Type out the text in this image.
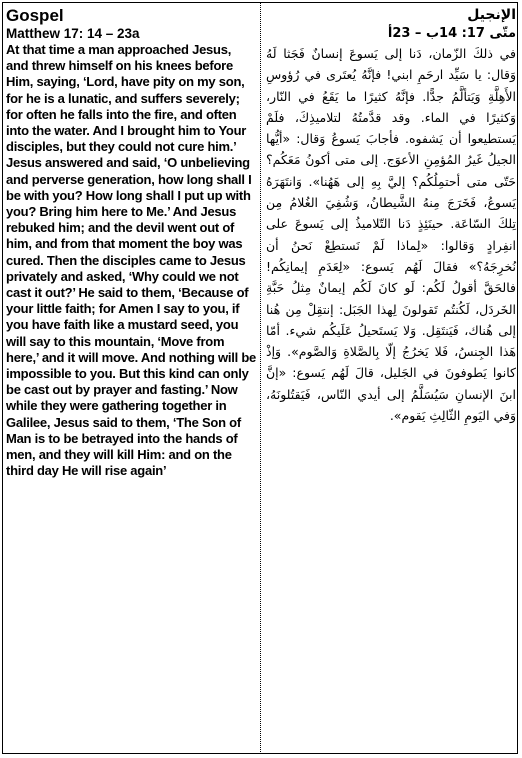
Gospel
Matthew 17: 14 – 23a
At that time a man approached Jesus, and threw himself on his knees before Him, saying, ‘Lord, have pity on my son, for he is a lunatic, and suffers severely; for often he falls into the fire, and often into the water. And I brought him to Your disciples, but they could not cure him.’ Jesus answered and said, ‘O unbelieving and perverse generation, how long shall I be with you? How long shall I put up with you? Bring him here to Me.’ And Jesus rebuked him; and the devil went out of him, and from that moment the boy was cured. Then the disciples came to Jesus privately and asked, ‘Why could we not cast it out?’ He said to them, ‘Because of your little faith; for Amen I say to you, if you have faith like a mustard seed, you will say to this mountain, ‘Move from here,’ and it will move. And nothing will be impossible to you. But this kind can only be cast out by prayer and fasting.’ Now while they were gathering together in Galilee, Jesus said to them, ‘The Son of Man is to be betrayed into the hands of men, and they will kill Him: and on the third day He will rise again’
الإنجيل
متّى 17: 14ب – 23أ
في ذلكَ الزّمان، دَنا إلى يَسوعَ إنسانٌ فَجَثا لَهُ وَقال: يا سَيِّد ارحَمِ ابني! فإنَّهُ يُعتَرى في رُؤوسِ الأَهِلَّةِ وَيَتألَّمُ جدًّا. فإنَّهُ كثيرًا ما يَقَعُ في النّار، وَكثيرًا في الماء. وقد قدَّمتُهُ لتلاميذِكَ، فلَمْ يَستطيعوا أن يَشفوه. فأجابَ يَسوعُ وَقال: «أيُّها الجيلُ غَيرُ المُؤمِنِ الأعوَج. إلى متى أكونُ مَعَكُم؟ حَتّى متى أحتمِلُكُم؟ إليَّ بِهِ إلى هَهُنا». وَانتَهَرَهُ يَسوعُ، فَخَرَجَ مِنهُ الشَّيطانُ، وَشُفِيَ الغُلامُ مِن تِلكَ السّاعَة. حينَئِذٍ دَنا التّلاميذُ إلى يَسوعَ على انفِرادٍ وَقالوا: «لِماذا لَمْ نَستطِعْ نَحنُ أن نُخرِجَهُ؟» فقالَ لَهُم يَسوع: «لِعَدَمِ إيمانِكُم! فالحَقَّ أقولُ لَكُم: لَو كانَ لَكُم إيمانٌ مِثلُ حَبَّةِ الخَردَل، لَكُنتُم تَقولونَ لِهذا الجَبَل: إنتقِلْ مِن هُنا إلى هُناك، فَيَنتَقِل. وَلا يَستَحيلُ عَلَيكُم شيء. أمّا هَذا الجِنسُ، فَلا يَخرُجُ إلّا بِالصَّلاةِ وَالصَّوم». وَإذْ كانوا يَطوفونَ في الجَليل، قالَ لَهُم يَسوع: «إنَّ ابنَ الإنسانِ سَيُسَلَّمُ إلى أيدي النّاس، فَيَقتُلونَهُ، وَفي اليَومِ الثّالِثِ يَقوم».
